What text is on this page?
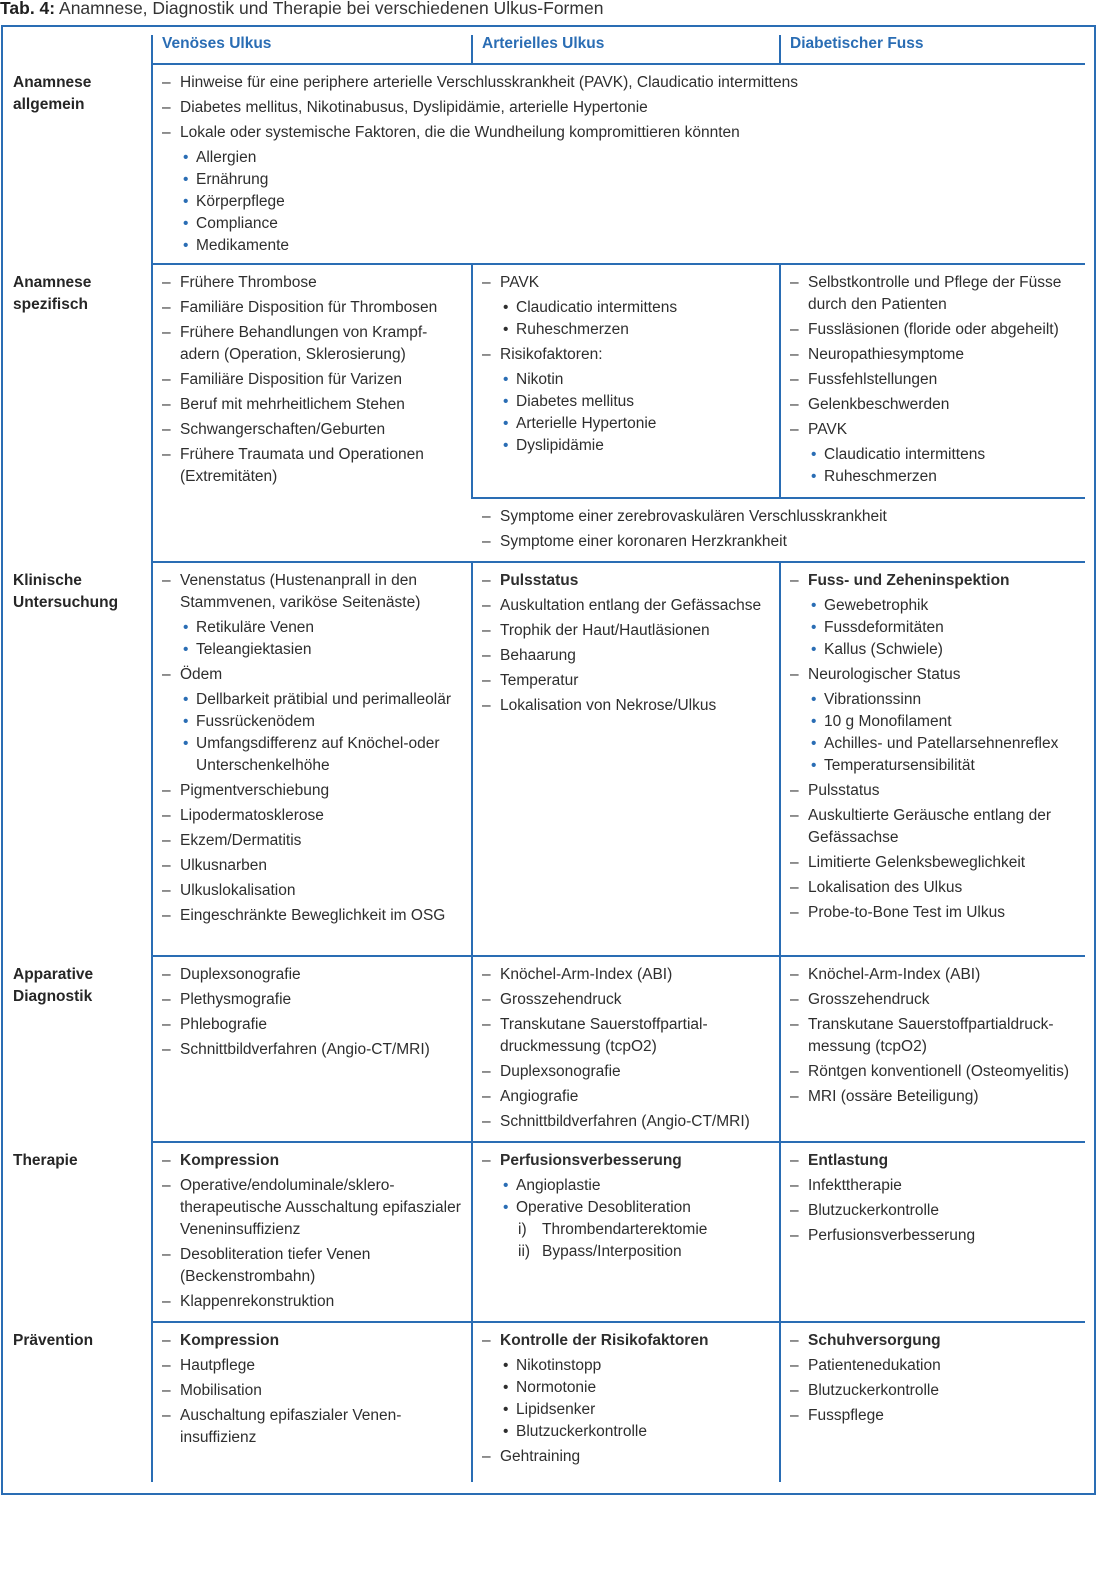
Tab. 4: Anamnese, Diagnostik und Therapie bei verschiedenen Ulkus-Formen
Venöses Ulkus	Arterielles Ulkus	Diabetischer Fuss
Anamnese allgemein
Anamnese spezifisch
Klinische Untersuchung
Apparative Diagnostik
Therapie
Prävention
– Hinweise für eine periphere arterielle Verschlusskrankheit (PAVK), Claudicatio intermittens
– Diabetes mellitus, Nikotinabusus, Dyslipidämie, arterielle Hypertonie
– Lokale oder systemische Faktoren, die die Wundheilung kompromittieren könnten
• Allergien
• Ernährung
• Körperpflege
• Compliance
• Medikamente
– Frühere Thrombose
– Familiäre Disposition für Thrombosen
– Frühere Behandlungen von Krampf-adern (Operation, Sklerosierung)
– Familiäre Disposition für Varizen
– Beruf mit mehrheitlichem Stehen
– Schwangerschaften/Geburten
– Frühere Traumata und Operationen (Extremitäten)
– PAVK
• Claudicatio intermittens
• Ruheschmerzen
– Risikofaktoren:
• Nikotin
• Diabetes mellitus
• Arterielle Hypertonie
• Dyslipidämie
– Selbstkontrolle und Pflege der Füsse durch den Patienten
– Fussläsionen (floride oder abgeheilt)
– Neuropathiesymptome
– Fussfehlstellungen
– Gelenkbeschwerden
– PAVK
• Claudicatio intermittens
• Ruheschmerzen
– Symptome einer zerebrovaskulären Verschlusskrankheit
– Symptome einer koronaren Herzkrankheit
– Venenstatus (Hustenanprall in den Stammvenen, variköse Seitenäste)
• Retikuläre Venen
• Teleangiektasien
– Ödem
• Dellbarkeit prätibial und perimalleolär
• Fussrückenödem
• Umfangsdifferenz auf Knöchel-oder Unterschenkelhöhe
– Pigmentverschiebung
– Lipodermatosklerose
– Ekzem/Dermatitis
– Ulkusnarben
– Ulkuslokalisation
– Eingeschränkte Beweglichkeit im OSG
– Pulsstatus
– Auskultation entlang der Gefässachse
– Trophik der Haut/Hautläsionen
– Behaarung
– Temperatur
– Lokalisation von Nekrose/Ulkus
– Fuss- und Zeheninspektion
• Gewebetrophik
• Fussdeformitäten
• Kallus (Schwiele)
– Neurologischer Status
• Vibrationssinn
• 10 g Monofilament
• Achilles- und Patellarsehnenreflex
• Temperatursensibilität
– Pulsstatus
– Auskultierte Geräusche entlang der Gefässachse
– Limitierte Gelenksbeweglichkeit
– Lokalisation des Ulkus
– Probe-to-Bone Test im Ulkus
– Duplexsonografie
– Plethysmografie
– Phlebografie
– Schnittbildverfahren (Angio-CT/MRI)
– Knöchel-Arm-Index (ABI)
– Grosszehendruck
– Transkutane Sauerstoffpartial-druckmessung (tcpO2)
– Duplexsonografie
– Angiografie
– Schnittbildverfahren (Angio-CT/MRI)
– Knöchel-Arm-Index (ABI)
– Grosszehendruck
– Transkutane Sauerstoffpartialdruck-messung (tcpO2)
– Röntgen konventionell (Osteomyelitis)
– MRI (ossäre Beteiligung)
– Kompression
– Operative/endoluminale/sklero-therapeutische Ausschaltung epifaszialer Veneninsuffizienz
– Desobliteration tiefer Venen (Beckenstrombahn)
– Klappenrekonstruktion
– Perfusionsverbesserung
• Angioplastie
• Operative Desobliteration
i) Thrombendarterektomie
ii) Bypass/Interposition
– Entlastung
– Infekttherapie
– Blutzuckerkontrolle
– Perfusionsverbesserung
– Kompression
– Hautpflege
– Mobilisation
– Auschaltung epifaszialer Venen-insuffizienz
– Kontrolle der Risikofaktoren
• Nikotinstopp
• Normotonie
• Lipidsenker
• Blutzuckerkontrolle
– Gehtraining
– Schuhversorgung
– Patientenedukation
– Blutzuckerkontrolle
– Fusspflege
